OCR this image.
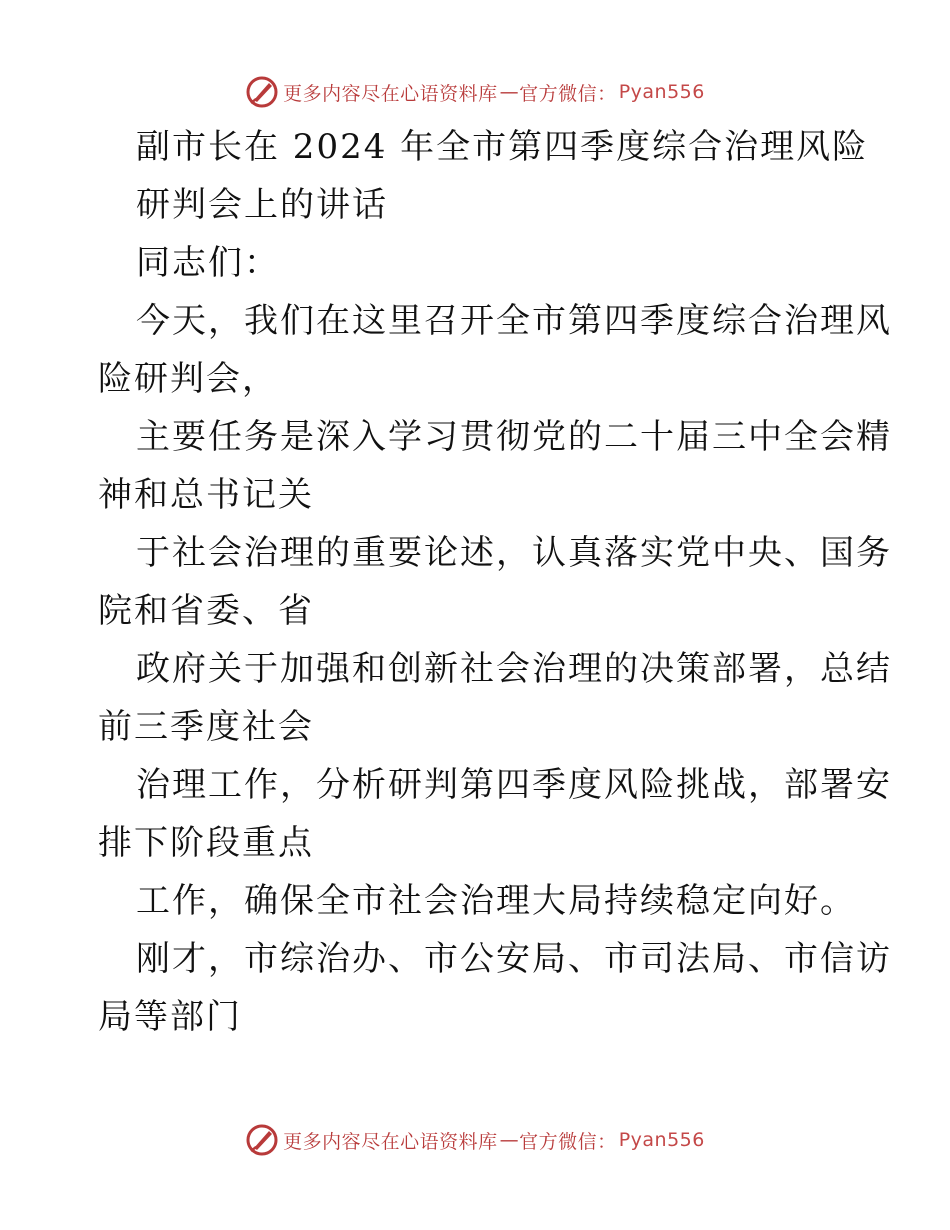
更多内容尽在心语资料库 — 官方微信： Pyan556
副市长在 2024 年全市第四季度综合治理风险
研判会上的讲话
同志们：
今天，我们在这里召开全市第四季度综合治理风
险研判会，
主要任务是深入学习贯彻党的二十届三中全会精
神和总书记关
于社会治理的重要论述，认真落实党中央、国务
院和省委、省
政府关于加强和创新社会治理的决策部署，总结
前三季度社会
治理工作，分析研判第四季度风险挑战，部署安
排下阶段重点
工作，确保全市社会治理大局持续稳定向好。
刚才，市综治办、市公安局、市司法局、市信访
局等部门
更多内容尽在心语资料库 — 官方微信： Pyan556
